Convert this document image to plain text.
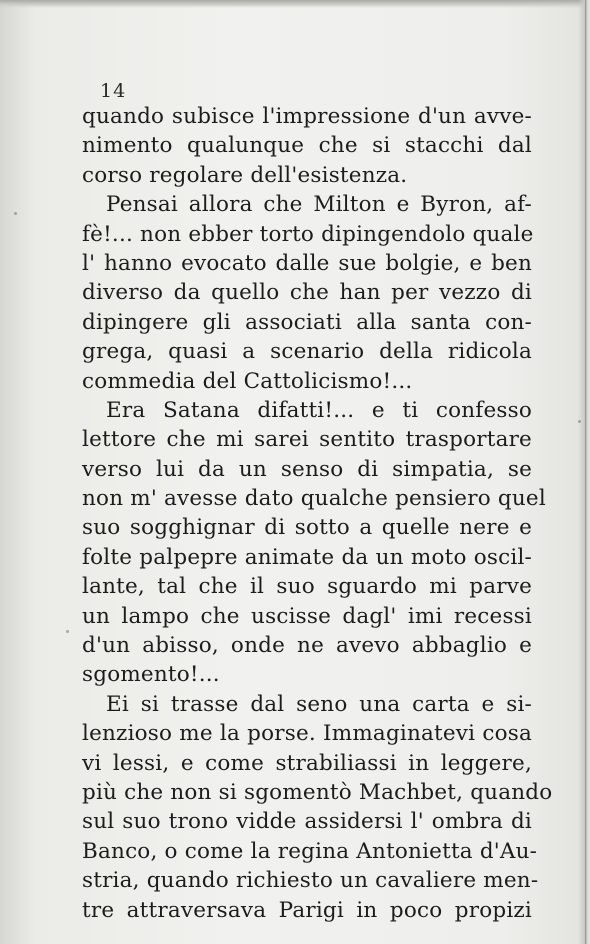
14
quando subisce l'impressione d'un avve-
nimento qualunque che si stacchi dal
corso regolare dell'esistenza.
Pensai allora che Milton e Byron, af-
fè!... non ebber torto dipingendolo quale
l' hanno evocato dalle sue bolgie, e ben
diverso da quello che han per vezzo di
dipingere gli associati alla santa con-
grega, quasi a scenario della ridicola
commedia del Cattolicismo!...
Era Satana difatti!... e ti confesso
lettore che mi sarei sentito trasportare
verso lui da un senso di simpatia, se
non m' avesse dato qualche pensiero quel
suo sogghignar di sotto a quelle nere e
folte palpepre animate da un moto oscil-
lante, tal che il suo sguardo mi parve
un lampo che uscisse dagl' imi recessi
d'un abisso, onde ne avevo abbaglio e
sgomento!...
Ei si trasse dal seno una carta e si-
lenzioso me la porse. Immaginatevi cosa
vi lessi, e come strabiliassi in leggere,
più che non si sgomentò Machbet, quando
sul suo trono vidde assidersi l' ombra di
Banco, o come la regina Antonietta d'Au-
stria, quando richiesto un cavaliere men-
tre attraversava Parigi in poco propizi
